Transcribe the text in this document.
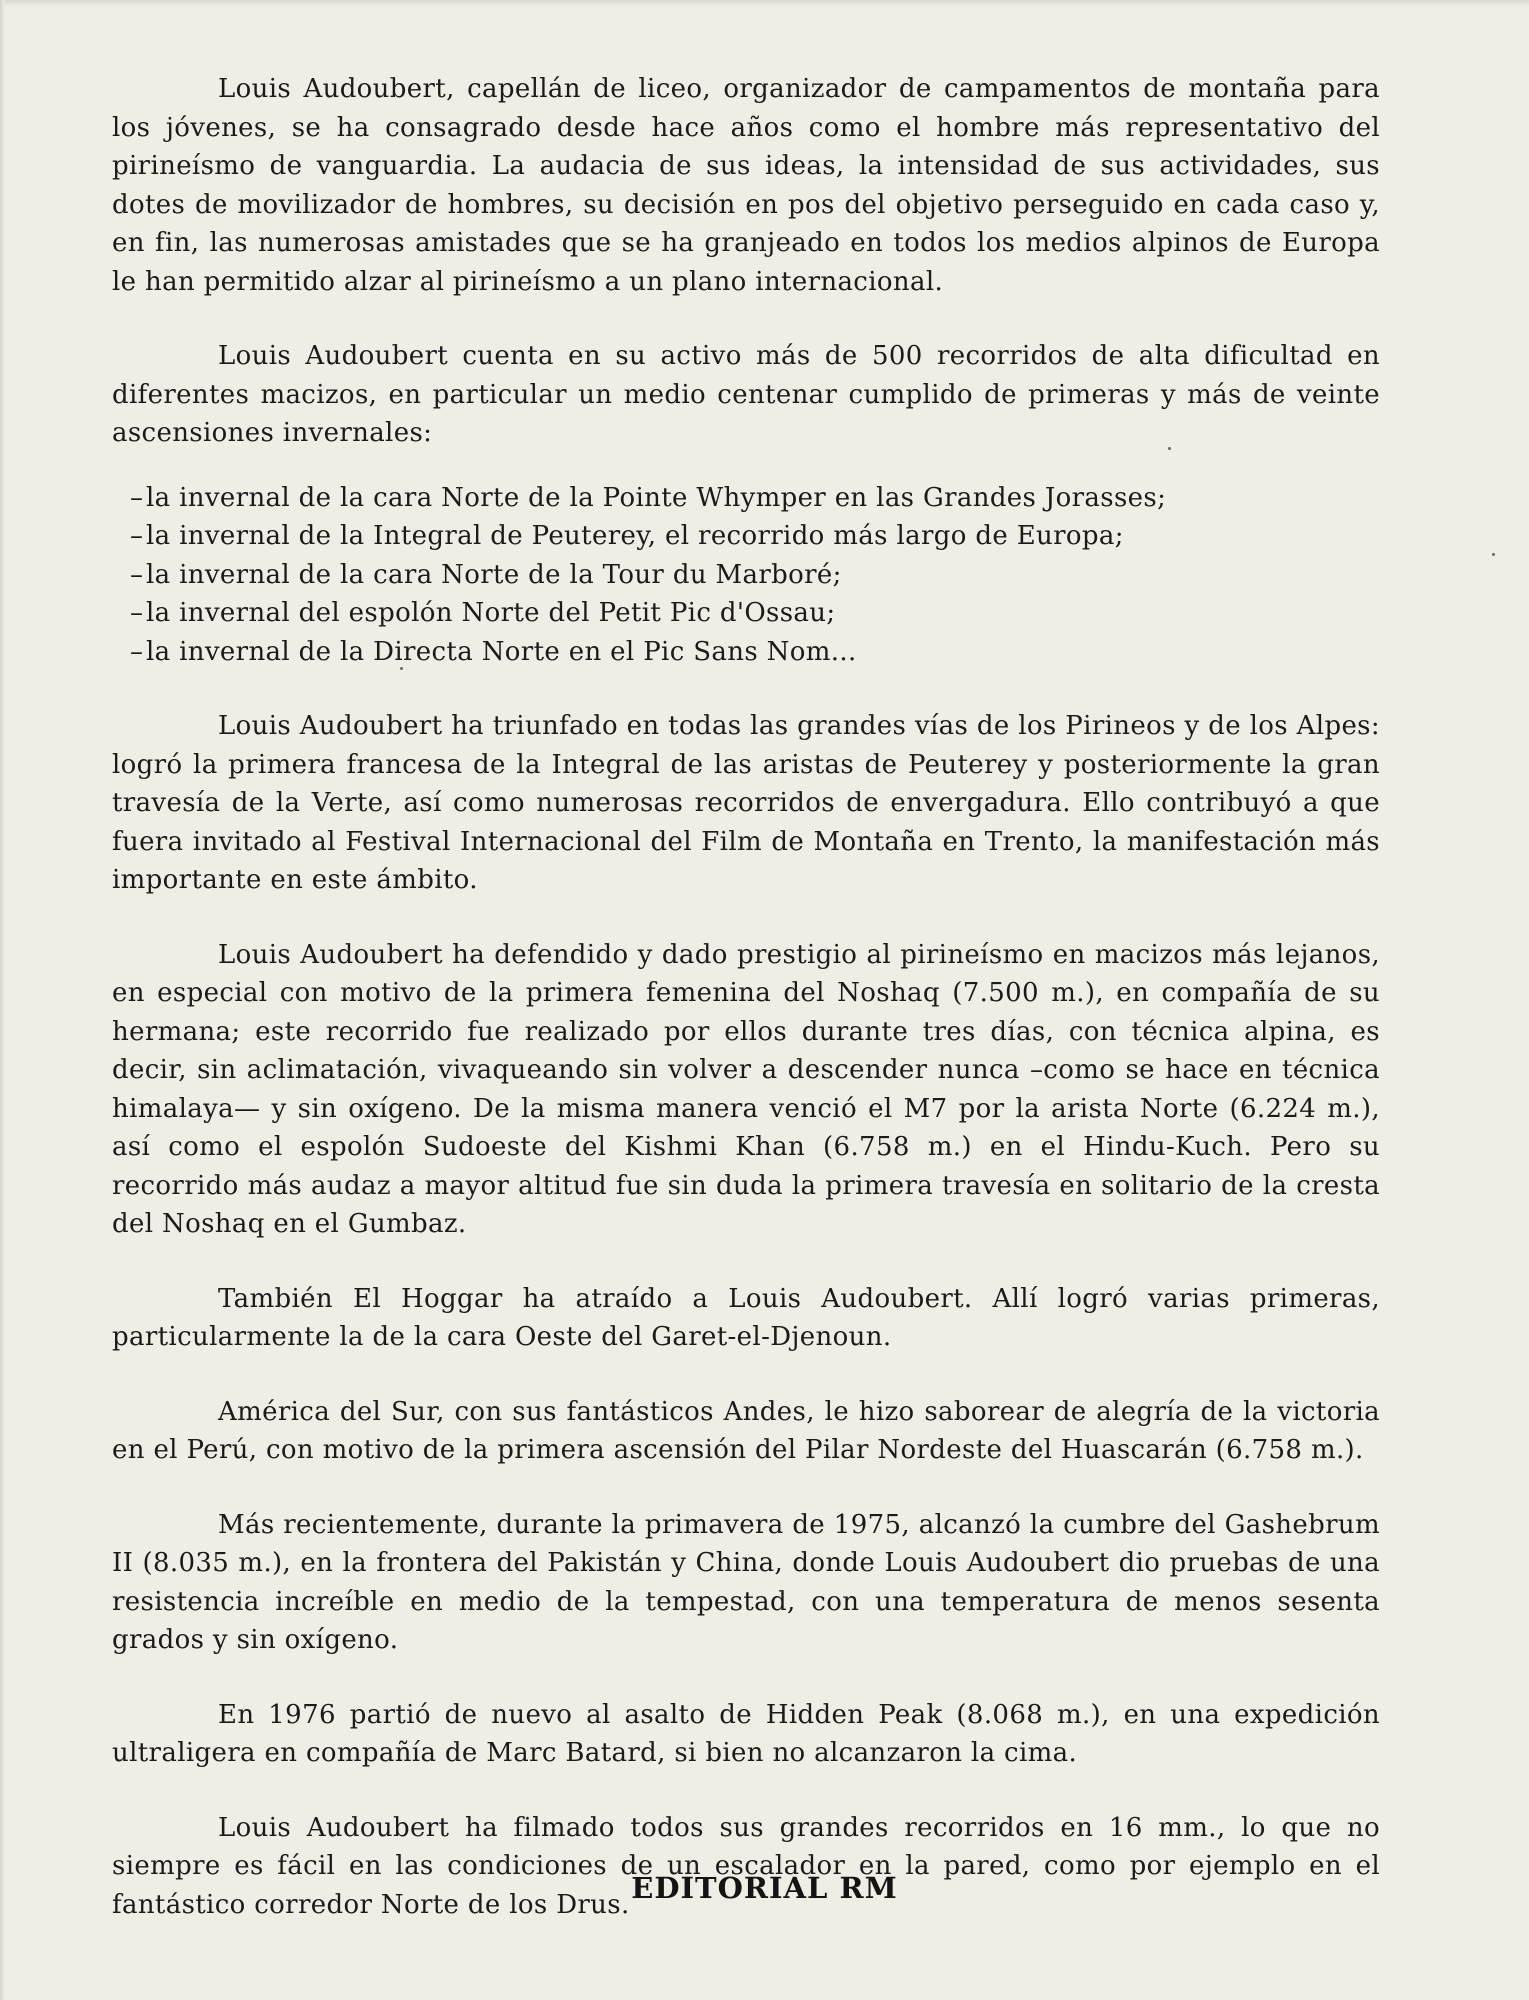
Louis Audoubert, capellán de liceo, organizador de campamentos de montaña para los jóvenes, se ha consagrado desde hace años como el hombre más representativo del pirineísmo de vanguardia. La audacia de sus ideas, la intensidad de sus actividades, sus dotes de movilizador de hombres, su decisión en pos del objetivo perseguido en cada caso y, en fin, las numerosas amistades que se ha granjeado en todos los medios alpinos de Europa le han permitido alzar al pirineísmo a un plano internacional.

Louis Audoubert cuenta en su activo más de 500 recorridos de alta dificultad en diferentes macizos, en particular un medio centenar cumplido de primeras y más de veinte ascensiones invernales:

– la invernal de la cara Norte de la Pointe Whymper en las Grandes Jorasses;
– la invernal de la Integral de Peuterey, el recorrido más largo de Europa;
– la invernal de la cara Norte de la Tour du Marboré;
– la invernal del espolón Norte del Petit Pic d'Ossau;
– la invernal de la Directa Norte en el Pic Sans Nom...

Louis Audoubert ha triunfado en todas las grandes vías de los Pirineos y de los Alpes: logró la primera francesa de la Integral de las aristas de Peuterey y posteriormente la gran travesía de la Verte, así como numerosas recorridos de envergadura. Ello contribuyó a que fuera invitado al Festival Internacional del Film de Montaña en Trento, la manifestación más importante en este ámbito.

Louis Audoubert ha defendido y dado prestigio al pirineísmo en macizos más lejanos, en especial con motivo de la primera femenina del Noshaq (7.500 m.), en compañía de su hermana; este recorrido fue realizado por ellos durante tres días, con técnica alpina, es decir, sin aclimatación, vivaqueando sin volver a descender nunca –como se hace en técnica himalaya— y sin oxígeno. De la misma manera venció el M7 por la arista Norte (6.224 m.), así como el espolón Sudoeste del Kishmi Khan (6.758 m.) en el Hindu-Kuch. Pero su recorrido más audaz a mayor altitud fue sin duda la primera travesía en solitario de la cresta del Noshaq en el Gumbaz.

También El Hoggar ha atraído a Louis Audoubert. Allí logró varias primeras, particularmente la de la cara Oeste del Garet-el-Djenoun.

América del Sur, con sus fantásticos Andes, le hizo saborear de alegría de la victoria en el Perú, con motivo de la primera ascensión del Pilar Nordeste del Huascarán (6.758 m.).

Más recientemente, durante la primavera de 1975, alcanzó la cumbre del Gashebrum II (8.035 m.), en la frontera del Pakistán y China, donde Louis Audoubert dio pruebas de una resistencia increíble en medio de la tempestad, con una temperatura de menos sesenta grados y sin oxígeno.

En 1976 partió de nuevo al asalto de Hidden Peak (8.068 m.), en una expedición ultraligera en compañía de Marc Batard, si bien no alcanzaron la cima.

Louis Audoubert ha filmado todos sus grandes recorridos en 16 mm., lo que no siempre es fácil en las condiciones de un escalador en la pared, como por ejemplo en el fantástico corredor Norte de los Drus. EDITORIAL RM
